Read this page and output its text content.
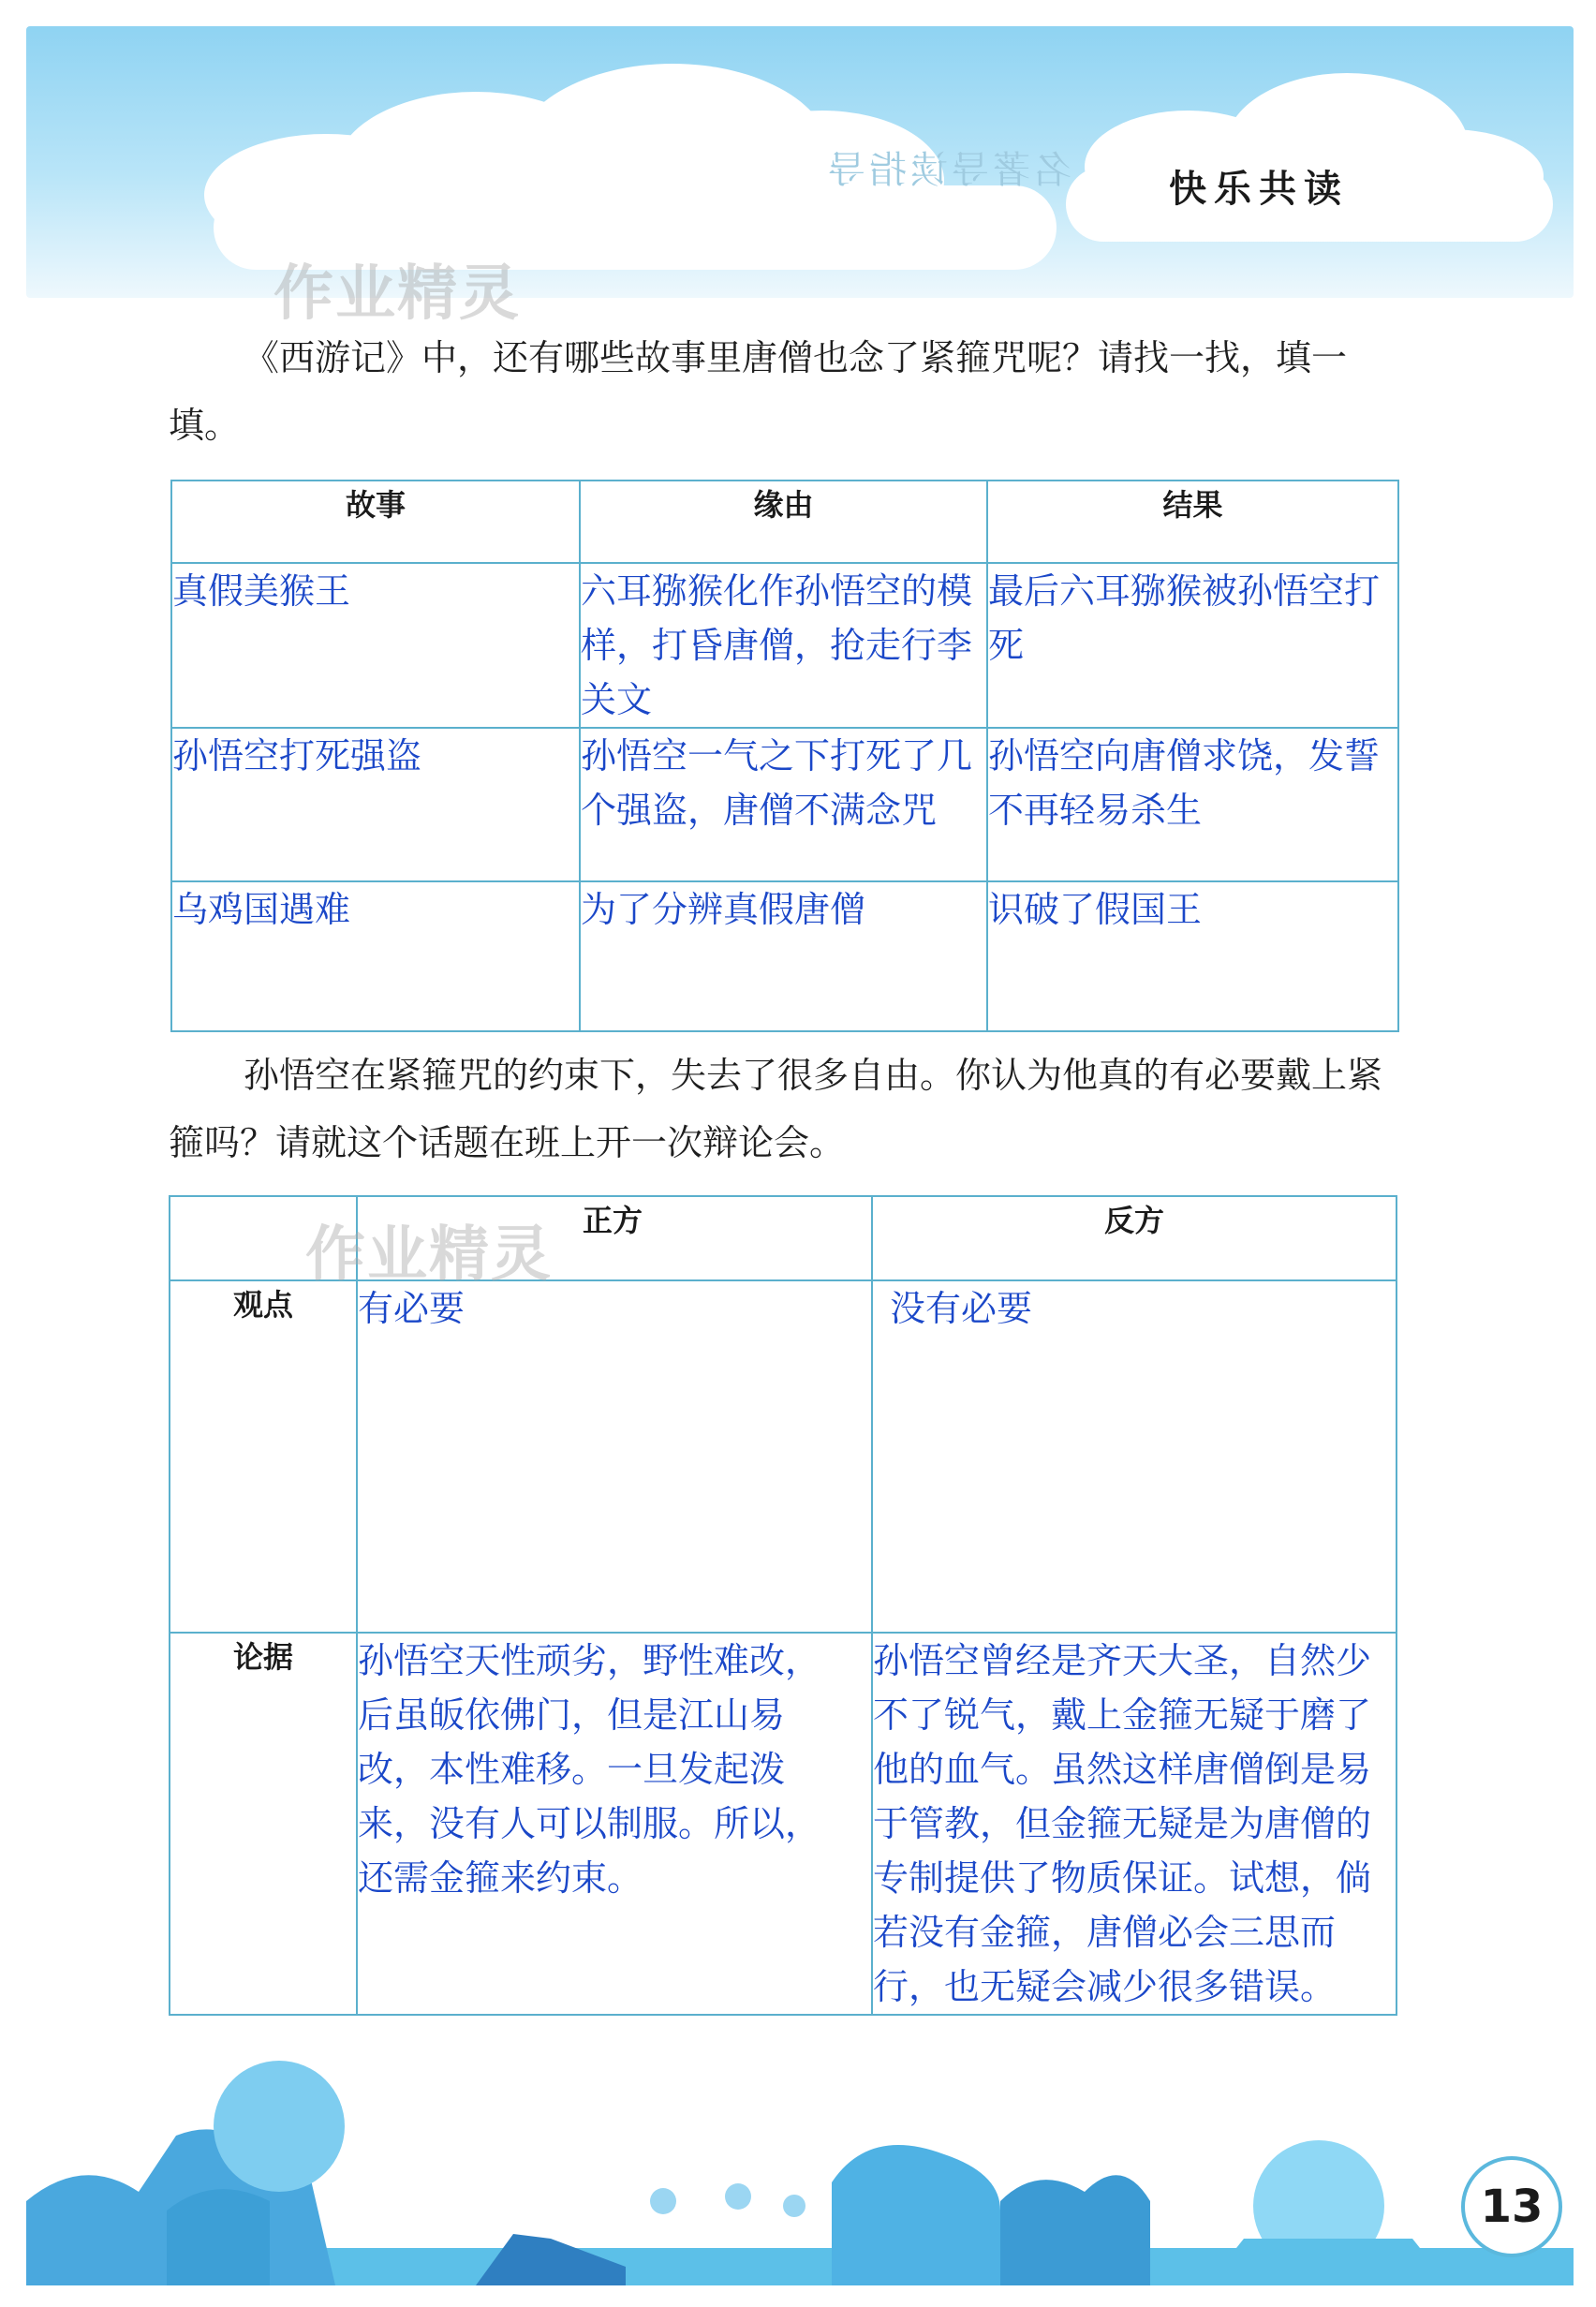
名著导读指导	快乐共读
作业精灵

《西游记》中，还有哪些故事里唐僧也念了紧箍咒呢？请找一找，填一填。

故事	缘由	结果
真假美猴王	六耳猕猴化作孙悟空的模样，打昏唐僧，抢走行李关文	最后六耳猕猴被孙悟空打死
孙悟空打死强盗	孙悟空一气之下打死了几个强盗，唐僧不满念咒	孙悟空向唐僧求饶，发誓不再轻易杀生
乌鸡国遇难	为了分辨真假唐僧	识破了假国王

孙悟空在紧箍咒的约束下，失去了很多自由。你认为他真的有必要戴上紧箍吗？请就这个话题在班上开一次辩论会。

	正方	反方
观点	有必要	没有必要
论据	孙悟空天性顽劣，野性难改，后虽皈依佛门，但是江山易改，本性难移。一旦发起泼来，没有人可以制服。所以，还需金箍来约束。	孙悟空曾经是齐天大圣，自然少不了锐气，戴上金箍无疑于磨了他的血气。虽然这样唐僧倒是易于管教，但金箍无疑是为唐僧的专制提供了物质保证。试想，倘若没有金箍，唐僧必会三思而行，也无疑会减少很多错误。
作业精灵
13
